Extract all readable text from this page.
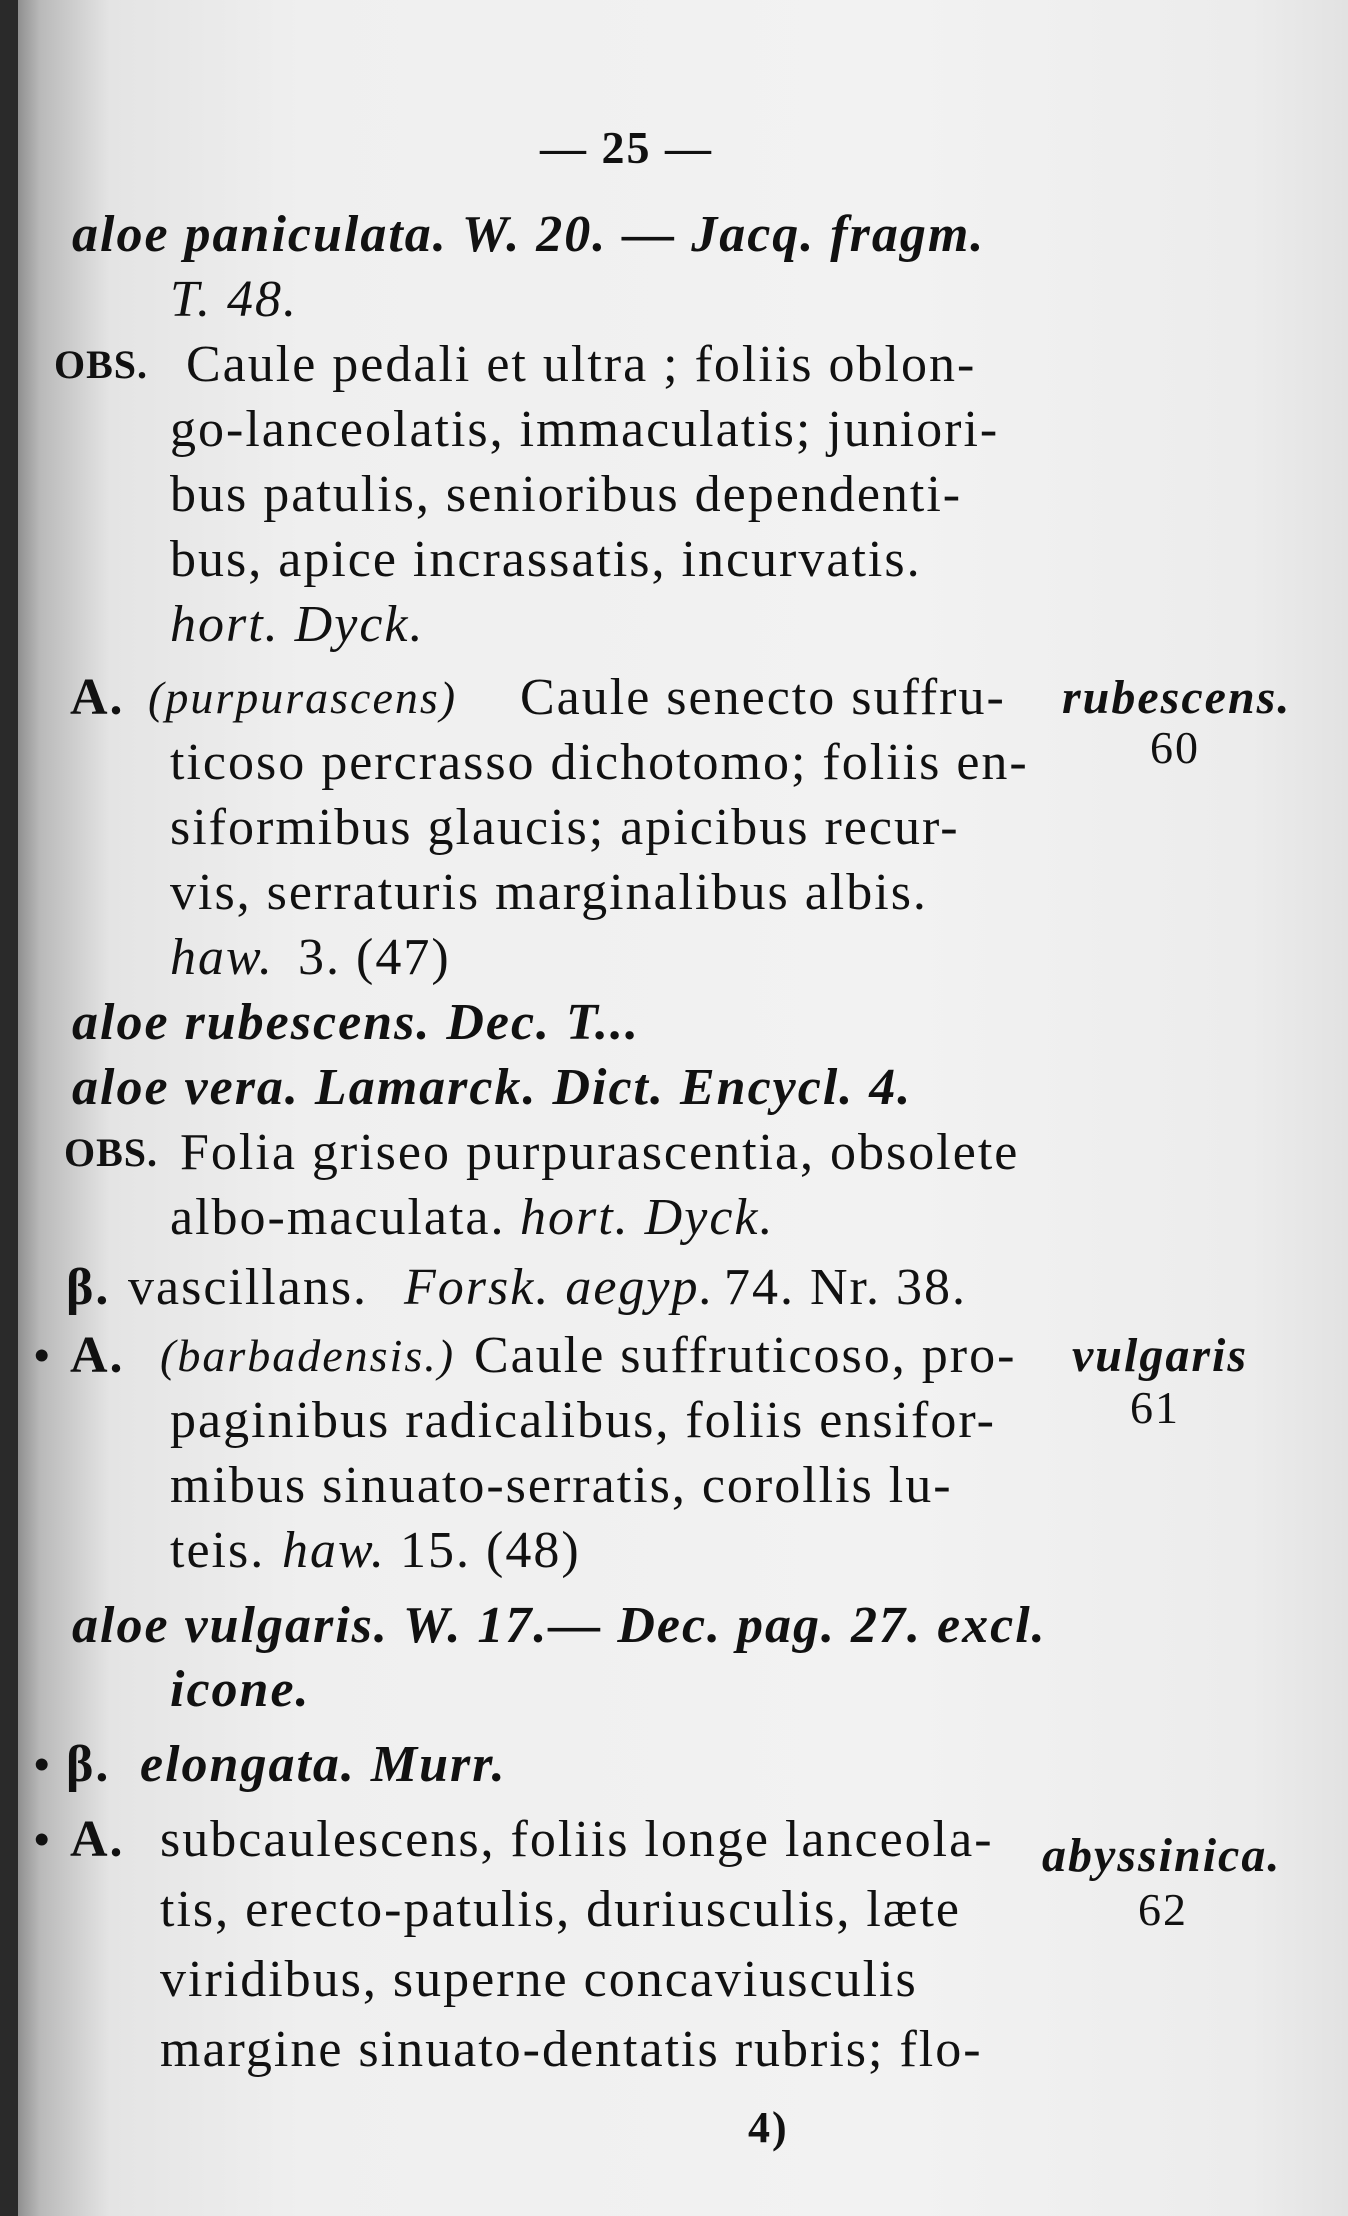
— 25 —
aloe paniculata. W. 20. — Jacq. fragm.
T. 48.
OBS. Caule pedali et ultra ; foliis oblon-
go-lanceolatis, immaculatis; juniori-
bus patulis, senioribus dependenti-
bus, apice incrassatis, incurvatis.
hort. Dyck.
A. (purpurascens) Caule senecto suffru-
ticoso percrasso dichotomo; foliis en-
siformibus glaucis; apicibus recur-
vis, serraturis marginalibus albis.
haw. 3. (47)
aloe rubescens. Dec. T...
aloe vera. Lamarck. Dict. Encycl. 4.
OBS. Folia griseo purpurascentia, obsolete
albo-maculata. hort. Dyck.
β. vascillans. Forsk. aegyp. 74. Nr. 38.
• A. (barbadensis.) Caule suffruticoso, pro-
paginibus radicalibus, foliis ensifor-
mibus sinuato-serratis, corollis lu-
teis. haw. 15. (48)
aloe vulgaris. W. 17.— Dec. pag. 27. excl.
icone.
• β. elongata. Murr.
• A. subcaulescens, foliis longe lanceola-
tis, erecto-patulis, duriusculis, læte
viridibus, superne concaviusculis
margine sinuato-dentatis rubris; flo-
4)
rubescens.
60
vulgaris
61
abyssinica.
62
